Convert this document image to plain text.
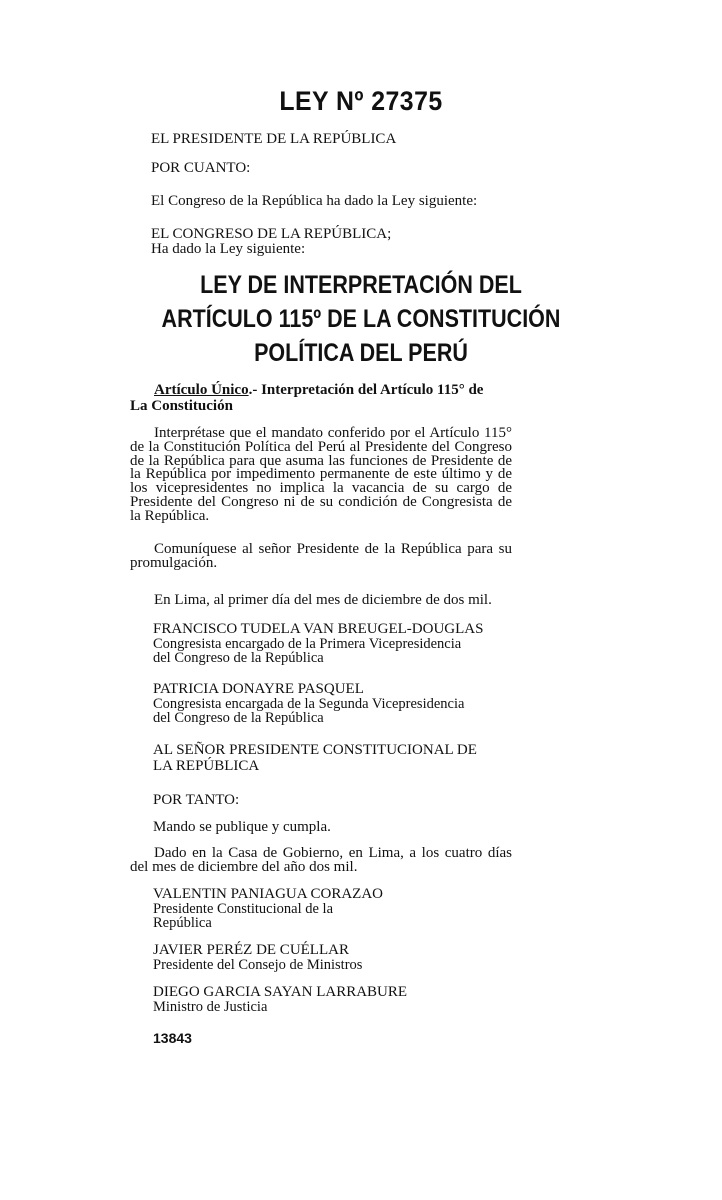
LEY Nº 27375
EL PRESIDENTE DE LA REPÚBLICA
POR CUANTO:
El Congreso de la República ha dado la Ley siguiente:
EL CONGRESO DE LA REPÚBLICA;
Ha dado la Ley siguiente:
LEY DE INTERPRETACIÓN DEL
ARTÍCULO 115º DE LA CONSTITUCIÓN
POLÍTICA DEL PERÚ
Artículo Único.- Interpretación del Artículo 115° de
La Constitución
Interprétase que el mandato conferido por el Artículo 115° de la Constitución Política del Perú al Presidente del Congreso de la República para que asuma las funciones de Presidente de la República por impedimento permanente de este último y de los vicepresidentes no implica la vacancia de su cargo de Presidente del Congreso ni de su condición de Congresista de la República.
Comuníquese al señor Presidente de la República para su promulgación.
En Lima, al primer día del mes de diciembre de dos mil.
FRANCISCO TUDELA VAN BREUGEL-DOUGLAS
Congresista encargado de la Primera Vicepresidencia
del Congreso de la República
PATRICIA DONAYRE PASQUEL
Congresista encargada de la Segunda Vicepresidencia
del Congreso de la República
AL SEÑOR PRESIDENTE CONSTITUCIONAL DE
LA REPÚBLICA
POR TANTO:
Mando se publique y cumpla.
Dado en la Casa de Gobierno, en Lima, a los cuatro días del mes de diciembre del año dos mil.
VALENTIN PANIAGUA CORAZAO
Presidente Constitucional de la
República
JAVIER PERÉZ DE CUÉLLAR
Presidente del Consejo de Ministros
DIEGO GARCIA SAYAN LARRABURE
Ministro de Justicia
13843
